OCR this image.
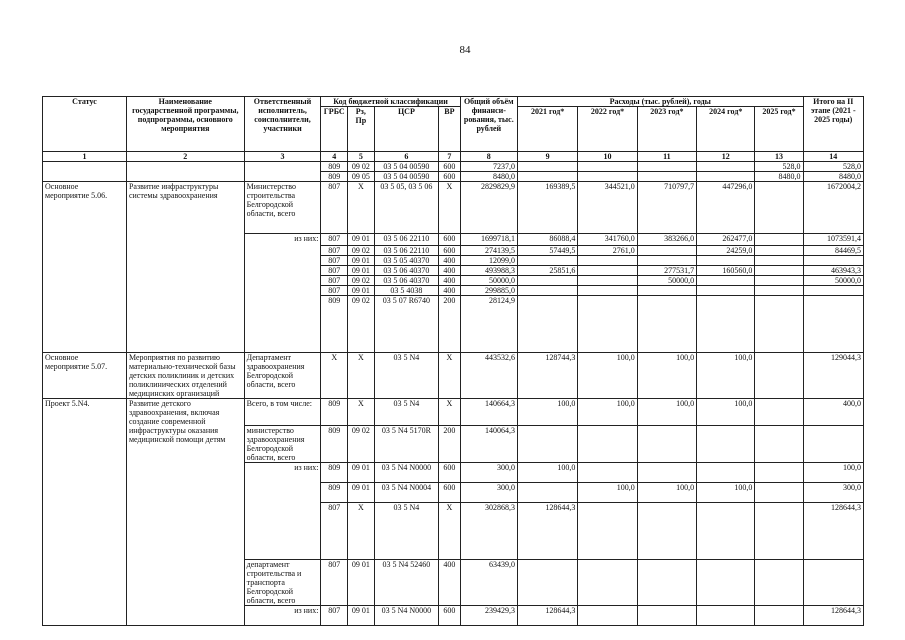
84
Статус	Наименование государственной программы, подпрограммы, основного мероприятия	Ответственный исполнитель, соисполнители, участники	Код бюджетной классификации				Общий объём финанси-рования, тыс. рублей	Расходы (тыс. рублей), годы					Итого на II этапе (2021 - 2025 годы)
			ГРБС	Рз, Пр	ЦСР	ВР		2021 год*	2022 год*	2023 год*	2024 год*	2025 год*	
1	2	3	4	5	6	7	8	9	10	11	12	13	14
			809	09 02	03 5 04 00590	600	7237,0					528,0	528,0
			809	09 05	03 5 04 00590	600	8480,0					8480,0	8480,0
Основное мероприятие 5.06.	Развитие инфраструктуры системы здравоохранения	Министерство строительства Белгородской области, всего	807	Х	03 5 05, 03 5 06	Х	2829829,9	169389,5	344521,0	710797,7	447296,0		1672004,2
		из них:	807	09 01	03 5 06 22110	600	1699718,1	86088,4	341760,0	383266,0	262477,0		1073591,4
			807	09 02	03 5 06 22110	600	274139,5	57449,5	2761,0		24259,0		84469,5
			807	09 01	03 5 05 40370	400	12099,0						
			807	09 01	03 5 06 40370	400	493988,3	25851,6		277531,7	160560,0		463943,3
			807	09 02	03 5 06 40370	400	50000,0			50000,0			50000,0
			807	09 01	03 5 4038	400	299885,0						
			809	09 02	03 5 07 R6740	200	28124,9						
Основное мероприятие 5.07.	Мероприятия по развитию материально-технической базы детских поликлиник и детских поликлинических отделений медицинских организаций	Департамент здравоохранения Белгородской области, всего	Х	Х	03 5 N4	Х	443532,6	128744,3	100,0	100,0	100,0		129044,3
Проект 5.N4.	Развитие детского здравоохранения, включая создание современной инфраструктуры оказания медицинской помощи детям	Всего, в том числе:	809	Х	03 5 N4	Х	140664,3	100,0	100,0	100,0	100,0		400,0
		министерство здравоохранения Белгородской области, всего	809	09 02	03 5 N4 5170R	200	140064,3						
		из них:	809	09 01	03 5 N4 N0000	600	300,0	100,0					100,0
			809	09 01	03 5 N4 N0004	600	300,0		100,0	100,0	100,0		300,0
			807	Х	03 5 N4	Х	302868,3	128644,3					128644,3
		департамент строительства и транспорта Белгородской области, всего	807	09 01	03 5 N4 52460	400	63439,0						
		из них:	807	09 01	03 5 N4 N0000	600	239429,3	128644,3					128644,3
